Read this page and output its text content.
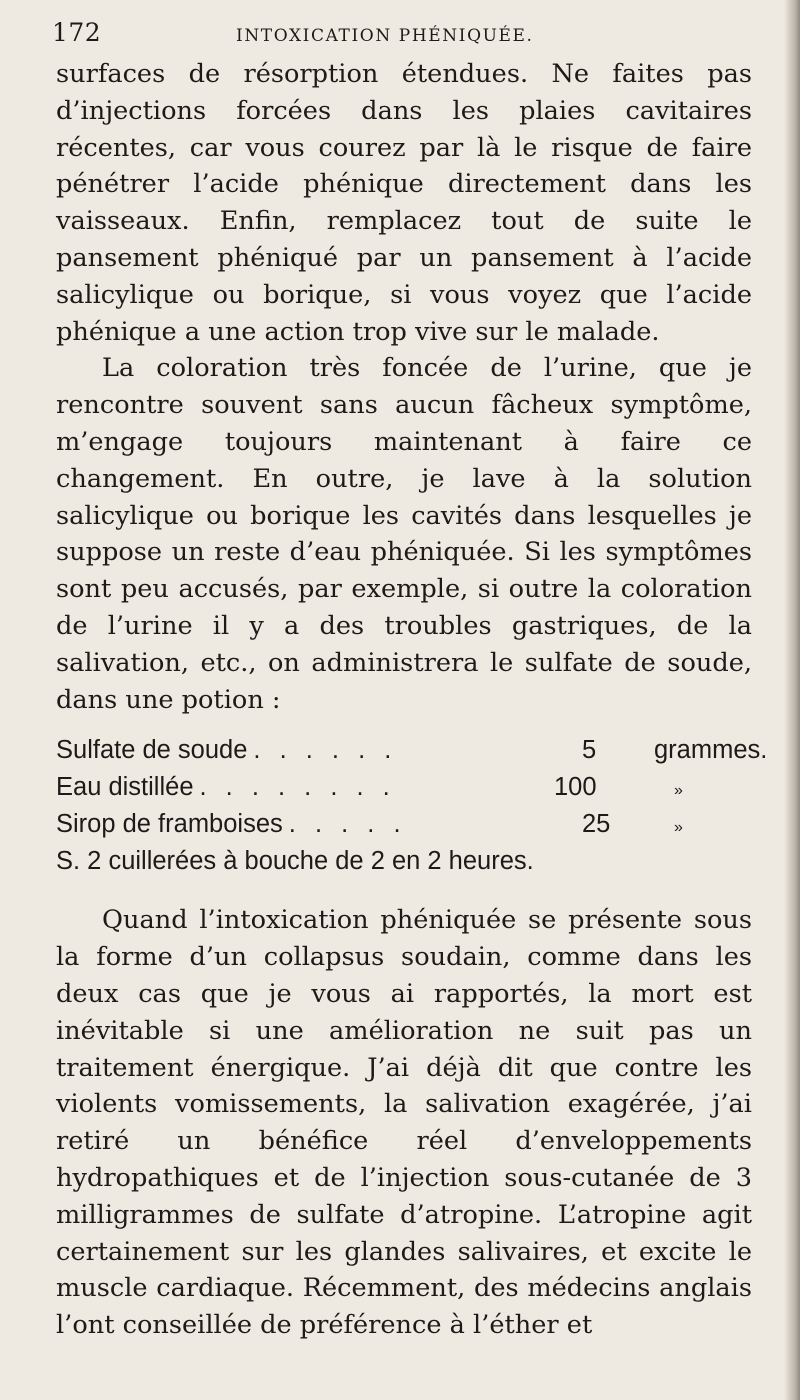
172	INTOXICATION PHÉNIQUÉE.

surfaces de résorption étendues. Ne faites pas d’injections forcées dans les plaies cavitaires récentes, car vous courez par là le risque de faire pénétrer l’acide phénique directement dans les vaisseaux. Enfin, remplacez tout de suite le pansement phéniqué par un pansement à l’acide salicylique ou borique, si vous voyez que l’acide phénique a une action trop vive sur le malade.

La coloration très foncée de l’urine, que je rencontre souvent sans aucun fâcheux symptôme, m’engage toujours maintenant à faire ce changement. En outre, je lave à la solution salicylique ou borique les cavités dans lesquelles je suppose un reste d’eau phéniquée. Si les symptômes sont peu accusés, par exemple, si outre la coloration de l’urine il y a des troubles gastriques, de la salivation, etc., on administrera le sulfate de soude, dans une potion :

Sulfate de soude . . . . . .	5 grammes.
Eau distillée . . . . . . . .	100	»
Sirop de framboises . . . . .	25	»
S. 2 cuillerées à bouche de 2 en 2 heures.

Quand l’intoxication phéniquée se présente sous la forme d’un collapsus soudain, comme dans les deux cas que je vous ai rapportés, la mort est inévitable si une amélioration ne suit pas un traitement énergique. J’ai déjà dit que contre les violents vomissements, la salivation exagérée, j’ai retiré un bénéfice réel d’enveloppements hydropathiques et de l’injection sous-cutanée de 3 milligrammes de sulfate d’atropine. L’atropine agit certainement sur les glandes salivaires, et excite le muscle cardiaque. Récemment, des médecins anglais l’ont conseillée de préférence à l’éther et
